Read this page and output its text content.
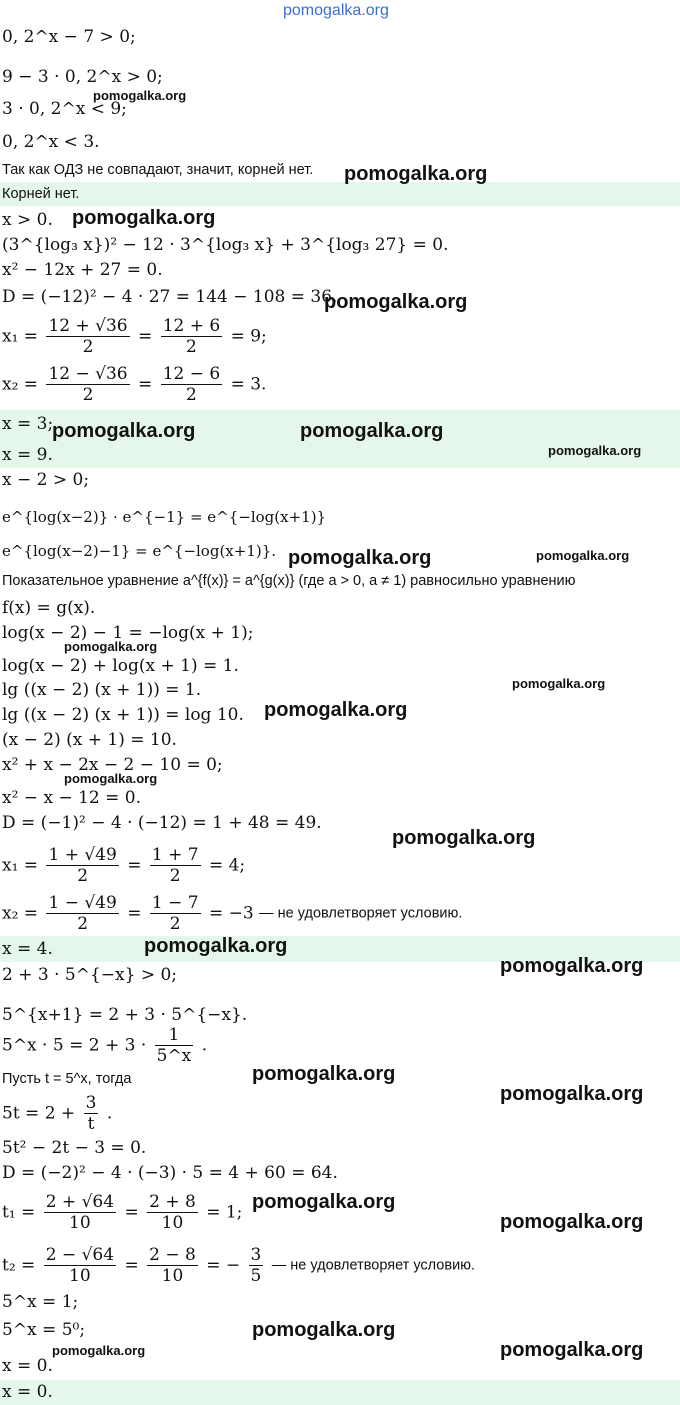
pomogalka.org
0, 2^x − 7 > 0;
9 − 3 · 0, 2^x > 0;
3 · 0, 2^x < 9;
0, 2^x < 3.
Так как ОДЗ не совпадают, значит, корней нет.
Корней нет.
x > 0.
(3^{log₃ x})² − 12 · 3^{log₃ x} + 3^{log₃ 27} = 0.
x² − 12x + 27 = 0.
D = (−12)² − 4 · 27 = 144 − 108 = 36.
$x_1 = \frac{12 + √36}{2} = \frac{12 + 6}{2} = 9$;
$x_2 = \frac{12 - √36}{2} = \frac{12 - 6}{2} = 3$.
x = 3;
x = 9.
x − 2 > 0;
e^{log(x−2)} · e^{−1} = e^{−log(x+1)}
e^{log(x−2)−1} = e^{−log(x+1)}.
Показательное уравнение a^{f(x)} = a^{g(x)} (где a > 0, a ≠ 1) равносильно уравнению
f(x) = g(x).
log(x − 2) − 1 = −log(x + 1);
log(x − 2) + log(x + 1) = 1.
lg ((x − 2) (x + 1)) = 1.
lg ((x − 2) (x + 1)) = log 10.
(x − 2) (x + 1) = 10.
x² + x − 2x − 2 − 10 = 0;
x² − x − 12 = 0.
D = (−1)² − 4 · (−12) = 1 + 48 = 49.
$x_1 = \frac{1 + √49}{2} = \frac{1 + 7}{2} = 4$;
$x_2 = \frac{1 - √49}{2} = \frac{1 - 7}{2} = -3$ — не удовлетворяет условию.
x = 4.
2 + 3 · 5^{−x} > 0;
5^{x+1} = 2 + 3 · 5^{−x}.
5^x · $5 = 2 + 3 \cdot \frac{1}{5\^{}x}$ .
Пусть t = 5^x, тогда
$5t = 2 + \frac{3}{t}$ .
5t² − 2t − 3 = 0.
D = (−2)² − 4 · (−3) · 5 = 4 + 60 = 64.
$t_1 = \frac{2 + √64}{10} = \frac{2 + 8}{10} = 1$;
$t_2 = \frac{2 - √64}{10} = \frac{2 - 8}{10}$ = − $\frac{3}{5}$ — не удовлетворяет условию.
5^x = 1;
5^x = 5⁰;
x = 0.
x = 0.
pomogalka.org
pomogalka.org
pomogalka.org
pomogalka.org
pomogalka.org	pomogalka.org
pomogalka.org
pomogalka.org	pomogalka.org
pomogalka.org
pomogalka.org
pomogalka.org
pomogalka.org
pomogalka.org
pomogalka.org
pomogalka.org
pomogalka.org
pomogalka.org
pomogalka.org
pomogalka.org
pomogalka.org
pomogalka.org	pomogalka.org
